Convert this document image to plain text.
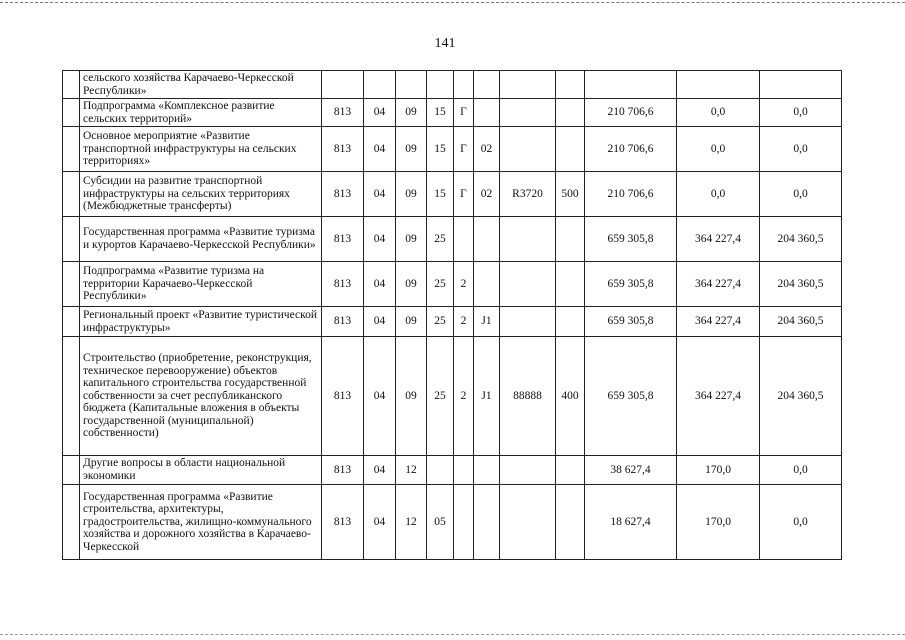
141
	сельского хозяйства Карачаево-Черкесской Республики»											
	Подпрограмма «Комплексное развитие сельских территорий»	813	04	09	15	Г				210 706,6	0,0	0,0
	Основное мероприятие «Развитие транспортной инфраструктуры на сельских территориях»	813	04	09	15	Г	02			210 706,6	0,0	0,0
	Субсидии на развитие транспортной инфраструктуры на сельских территориях (Межбюджетные трансферты)	813	04	09	15	Г	02	R3720	500	210 706,6	0,0	0,0
	Государственная программа «Развитие туризма и курортов Карачаево-Черкесской Республики»	813	04	09	25					659 305,8	364 227,4	204 360,5
	Подпрограмма «Развитие туризма на территории Карачаево-Черкесской Республики»	813	04	09	25	2				659 305,8	364 227,4	204 360,5
	Региональный проект «Развитие туристической инфраструктуры»	813	04	09	25	2	J1			659 305,8	364 227,4	204 360,5
	Строительство (приобретение, реконструкция, техническое перевооружение) объектов капитального строительства государственной собственности за счет республиканского бюджета (Капитальные вложения в объекты государственной (муниципальной) собственности)	813	04	09	25	2	J1	88888	400	659 305,8	364 227,4	204 360,5
	Другие вопросы в области национальной экономики	813	04	12						38 627,4	170,0	0,0
	Государственная программа «Развитие строительства, архитектуры, градостроительства, жилищно-коммунального хозяйства и дорожного хозяйства в Карачаево-Черкесской	813	04	12	05					18 627,4	170,0	0,0
